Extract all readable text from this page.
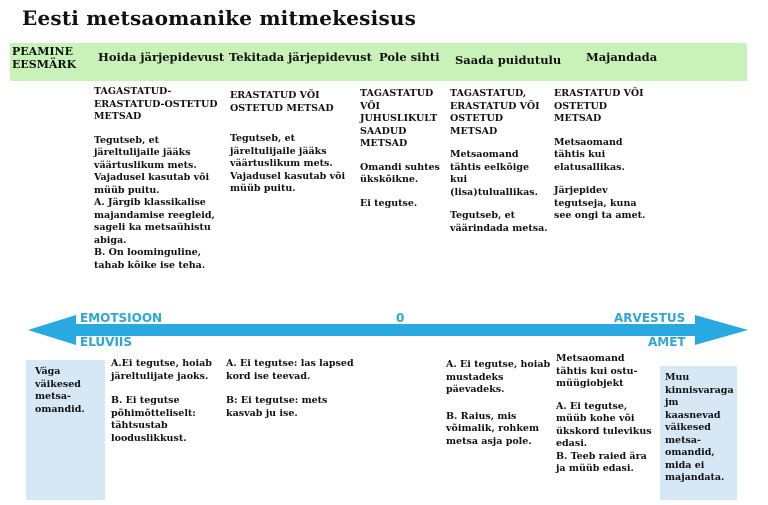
Eesti metsaomanike mitmekesisus
PEAMINE EESMÄRK
Hoida järjepidevust Tekitada järjepidevust Pole sihti Saada puidutulu Majandada

TAGASTATUD-ERASTATUD-OSTETUD METSAD

Tegutseb, et järeltulijaile jääks väärtuslikum mets. Vajadusel kasutab või müüb puitu.

A. Järgib klassikalise majandamise reegleid, sageli ka metsaühistu abiga.

B. On loominguline, tahab kõike ise teha.

ERASTATUD VÕI OSTETUD METSAD

Tegutseb, et järeltulijaile jääks väärtuslikum mets. Vajadusel kasutab või müüb puitu.

TAGASTATUD VÕI JUHUSLIKULT SAADUD METSAD

Omandi suhtes ükskõikne.

Ei tegutse.

TAGASTATUD, ERASTATUD VÕI OSTETUD METSAD

Metsaomand tähtis eelkõige kui (lisa)tuluallikas.

Tegutseb, et väärindada metsa.

ERASTATUD VÕI OSTETUD METSAD

Metsaomand tähtis kui elatusallikas.

Järjepidev tegutseja, kuna see ongi ta amet.

EMOTSIOON
ELUVIIS
0	ARVESTUS
AMET
Väga väikesed metsa-omandid.
Muu kinnisvaraga jm kaasnevad väikesed metsa-omandid, mida ei majandata.

A.Ei tegutse, hoiab järeltulijate jaoks.

B. Ei tegutse põhimõtteliselt: tähtsustab looduslikkust.

A. Ei tegutse: las lapsed kord ise teevad.

B: Ei tegutse: mets kasvab ju ise.

A. Ei tegutse, hoiab mustadeks päevadeks.

B. Raius, mis võimalik, rohkem metsa asja pole.

Metsaomand tähtis kui ostu-müügiobjekt

A. Ei tegutse, müüb kohe või ükskord tulevikus edasi.

B. Teeb raied ära ja müüb edasi.
